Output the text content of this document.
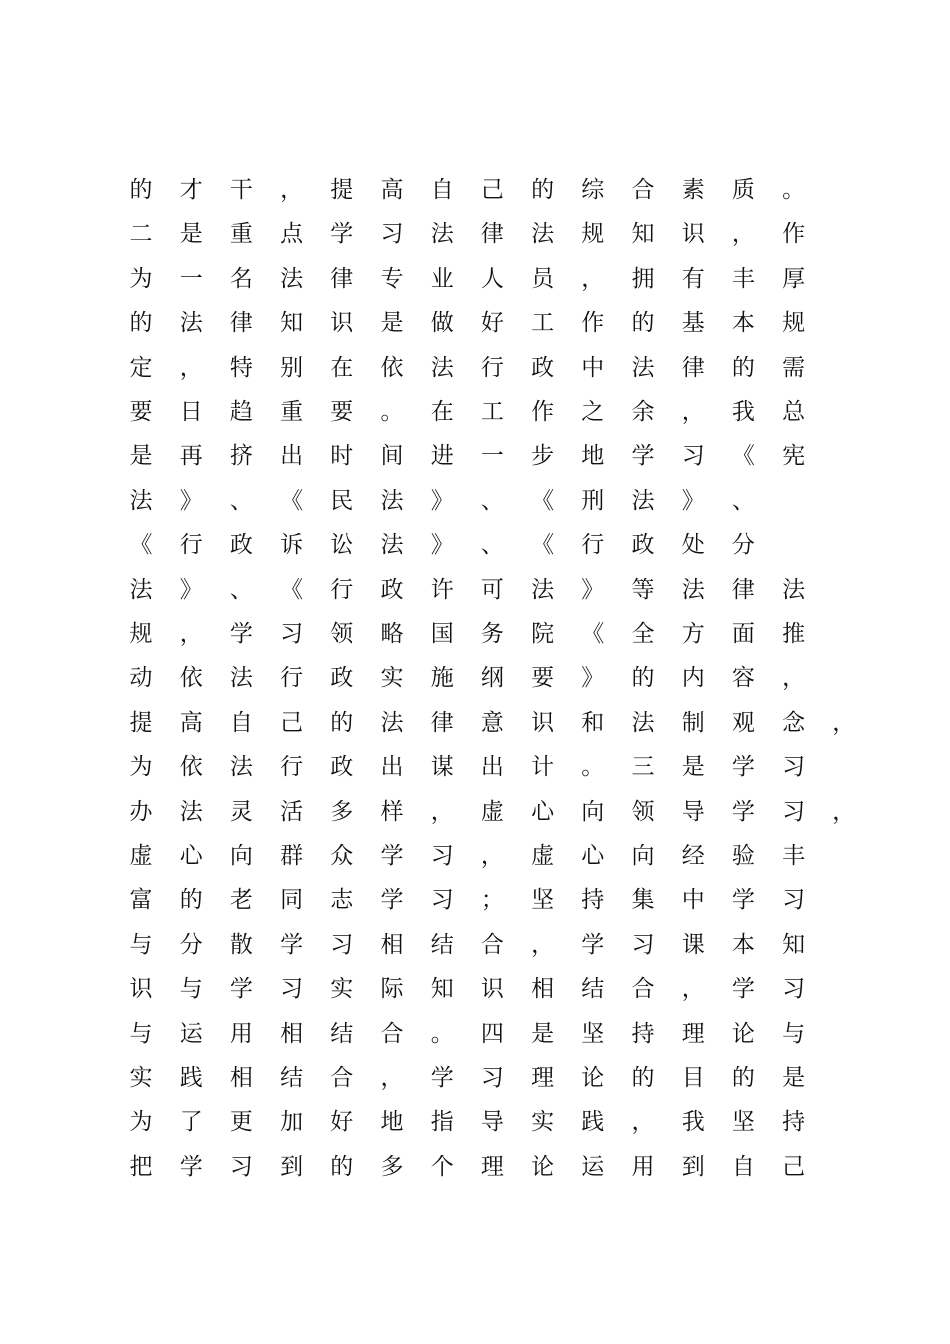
的	才	干	，	提	高	自	己	的	综	合	素	质	。
二	是	重	点	学	习	法	律	法	规	知	识	，	作
为	一	名	法	律	专	业	人	员	，	拥	有	丰	厚
的	法	律	知	识	是	做	好	工	作	的	基	本	规
定	，	特	别	在	依	法	行	政	中	法	律	的	需
要	日	趋	重	要	。	在	工	作	之	余	，	我	总
是	再	挤	出	时	间	进	一	步	地	学	习	《	宪
法	》	、	《	民	法	》	、	《	刑	法	》	、
《	行	政	诉	讼	法	》	、	《	行	政	处	分
法	》	、	《	行	政	许	可	法	》	等	法	律	法
规	，	学	习	领	略	国	务	院	《	全	方	面	推
动	依	法	行	政	实	施	纲	要	》	的	内	容	，
提	高	自	己	的	法	律	意	识	和	法	制	观	念	，
为	依	法	行	政	出	谋	出	计	。	三	是	学	习
办	法	灵	活	多	样	，	虚	心	向	领	导	学	习	，
虚	心	向	群	众	学	习	，	虚	心	向	经	验	丰
富	的	老	同	志	学	习	；	坚	持	集	中	学	习
与	分	散	学	习	相	结	合	，	学	习	课	本	知
识	与	学	习	实	际	知	识	相	结	合	，	学	习
与	运	用	相	结	合	。	四	是	坚	持	理	论	与
实	践	相	结	合	，	学	习	理	论	的	目	的	是
为	了	更	加	好	地	指	导	实	践	，	我	坚	持
把	学	习	到	的	多	个	理	论	运	用	到	自	己
